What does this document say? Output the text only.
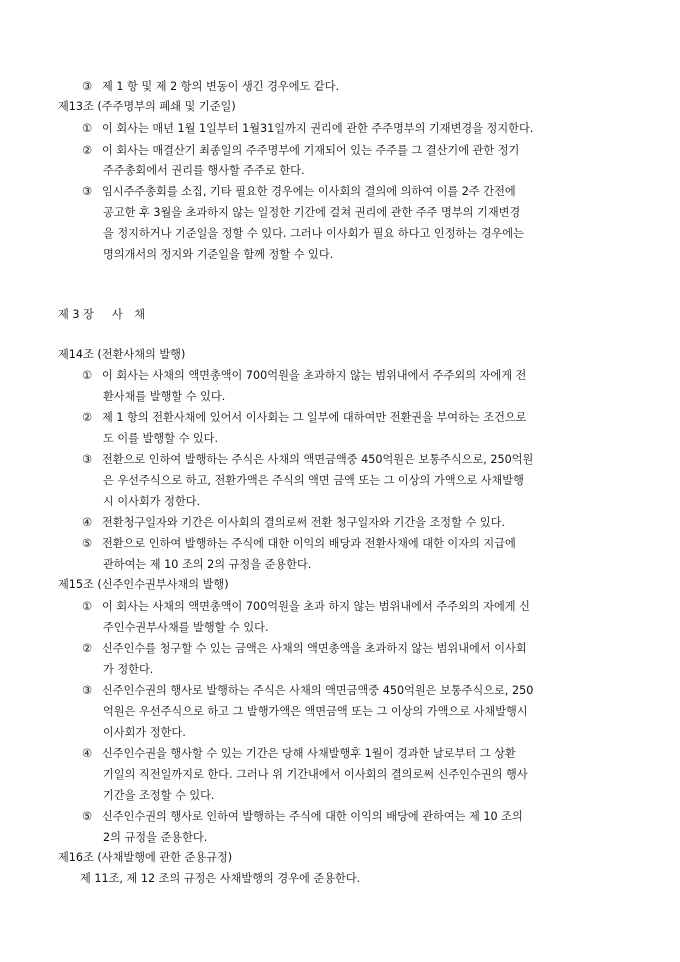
③ 제 1 항 및 제 2 항의 변동이 생긴 경우에도 같다.
제13조 (주주명부의 폐쇄 및 기준일)
① 이 회사는 매년 1월 1일부터 1월31일까지 권리에 관한 주주명부의 기재변경을 정지한다.
② 이 회사는 매결산기 최종일의 주주명부에 기재되어 있는 주주를 그 결산기에 관한 정기
주주총회에서 권리를 행사할 주주로 한다.
③ 임시주주총회를 소집, 기타 필요한 경우에는 이사회의 결의에 의하여 이를 2주 간전에
공고한 후 3월을 초과하지 않는 일정한 기간에 걸쳐 권리에 관한 주주 명부의 기재변경
을 정지하거나 기준일을 정할 수 있다. 그러나 이사회가 필요 하다고 인정하는 경우에는
명의개서의 정지와 기준일을 함께 정할 수 있다.
제 3 장 사 채
제14조 (전환사채의 발행)
① 이 회사는 사채의 액면총액이 700억원을 초과하지 않는 범위내에서 주주외의 자에게 전
환사채를 발행할 수 있다.
② 제 1 항의 전환사채에 있어서 이사회는 그 일부에 대하여만 전환권을 부여하는 조건으로
도 이를 발행할 수 있다.
③ 전환으로 인하여 발행하는 주식은 사채의 액면금액중 450억원은 보통주식으로, 250억원
은 우선주식으로 하고, 전환가액은 주식의 액면 금액 또는 그 이상의 가액으로 사채발행
시 이사회가 정한다.
④ 전환청구일자와 기간은 이사회의 결의로써 전환 청구일자와 기간을 조정할 수 있다.
⑤ 전환으로 인하여 발행하는 주식에 대한 이익의 배당과 전환사채에 대한 이자의 지급에
관하여는 제 10 조의 2의 규정을 준용한다.
제15조 (신주인수권부사채의 발행)
① 이 회사는 사채의 액면총액이 700억원을 초과 하지 않는 범위내에서 주주외의 자에게 신
주인수권부사채를 발행할 수 있다.
② 신주인수를 청구할 수 있는 금액은 사채의 액면총액을 초과하지 않는 범위내에서 이사회
가 정한다.
③ 신주인수권의 행사로 발행하는 주식은 사채의 액면금액중 450억원은 보통주식으로, 250
억원은 우선주식으로 하고 그 발행가액은 액면금액 또는 그 이상의 가액으로 사채발행시
이사회가 정한다.
④ 신주인수권을 행사할 수 있는 기간은 당해 사채발행후 1월이 경과한 날로부터 그 상환
기일의 직전일까지로 한다. 그러나 위 기간내에서 이사회의 결의로써 신주인수권의 행사
기간을 조정할 수 있다.
⑤ 신주인수권의 행사로 인하여 발행하는 주식에 대한 이익의 배당에 관하여는 제 10 조의
2의 규정을 준용한다.
제16조 (사채발행에 관한 준용규정)
제 11조, 제 12 조의 규정은 사채발행의 경우에 준용한다.
